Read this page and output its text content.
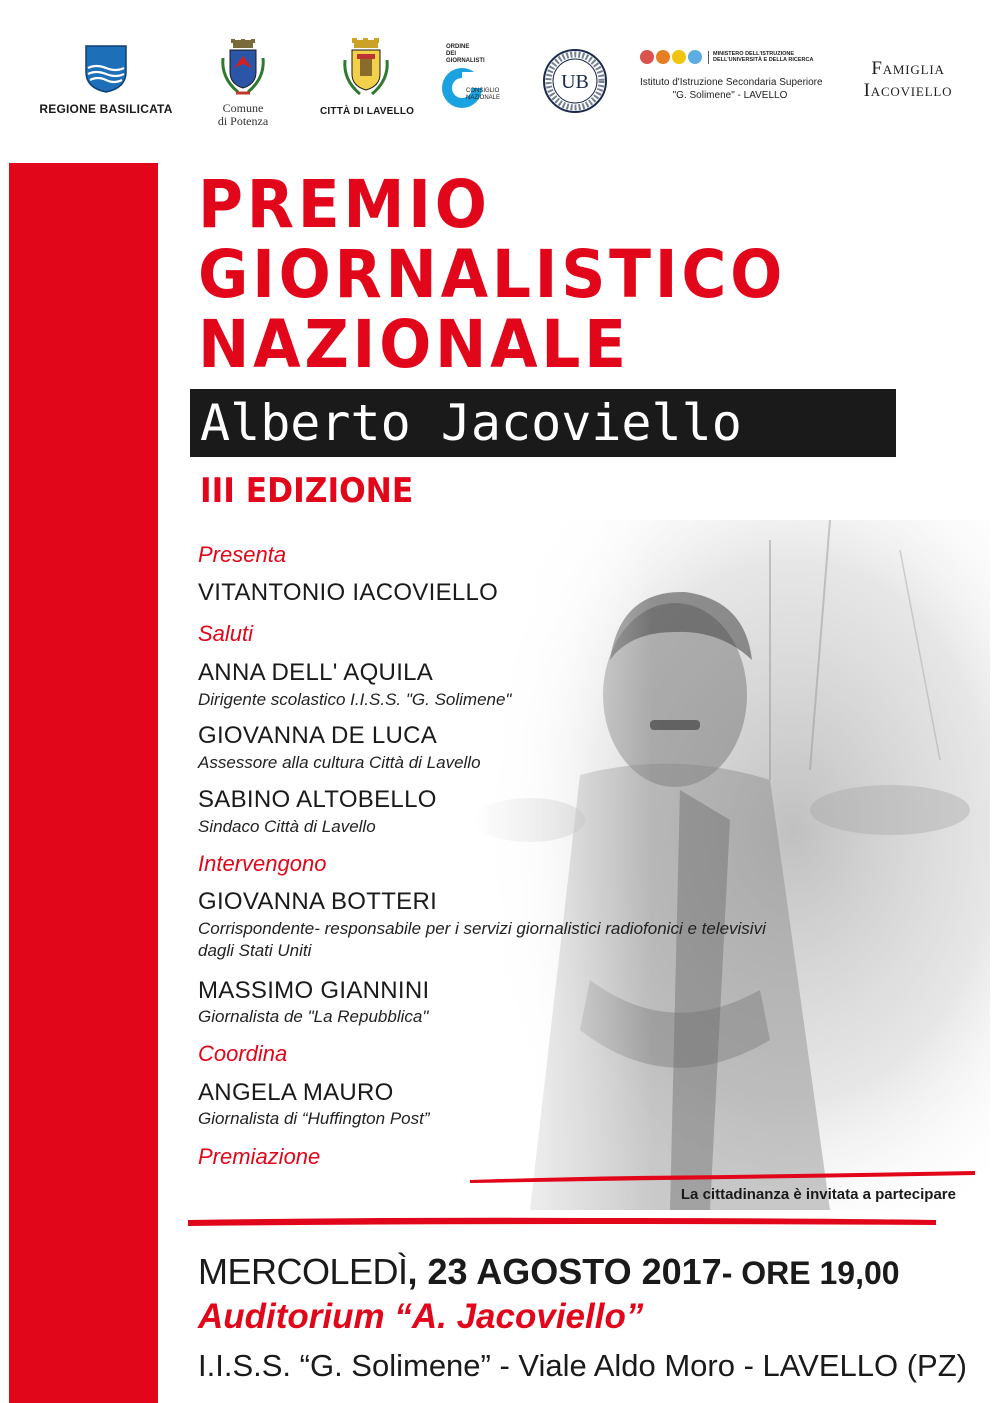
REGIONE BASILICATA	Comune
di Potenza
CITTÀ DI LAVELLO
ORDINE
DEI
GIORNALISTI
CONSIGLIO
NAZIONALE
UB
MINISTERO DELL'ISTRUZIONE
DELL'UNIVERSITÀ E DELLA RICERCA
Istituto d'Istruzione Secondaria Superiore
"G. Solimene" - LAVELLO
Famiglia
Iacoviello
PREMIO
GIORNALISTICO
NAZIONALE
Alberto Jacoviello
III EDIZIONE
Presenta
VITANTONIO IACOVIELLO
Saluti
ANNA DELL' AQUILA
Dirigente scolastico I.I.S.S. "G. Solimene"
GIOVANNA DE LUCA
Assessore alla cultura Città di Lavello
SABINO ALTOBELLO
Sindaco Città di Lavello
Intervengono
GIOVANNA BOTTERI
Corrispondente- responsabile per i servizi giornalistici radiofonici e televisivi
dagli Stati Uniti
MASSIMO GIANNINI
Giornalista de "La Repubblica"
Coordina
ANGELA MAURO
Giornalista di “Huffington Post”
Premiazione
La cittadinanza è invitata a partecipare
MERCOLEDÌ, 23 AGOSTO 2017- ORE 19,00
Auditorium “A. Jacoviello”
I.I.S.S. “G. Solimene” - Viale Aldo Moro - LAVELLO (PZ)
